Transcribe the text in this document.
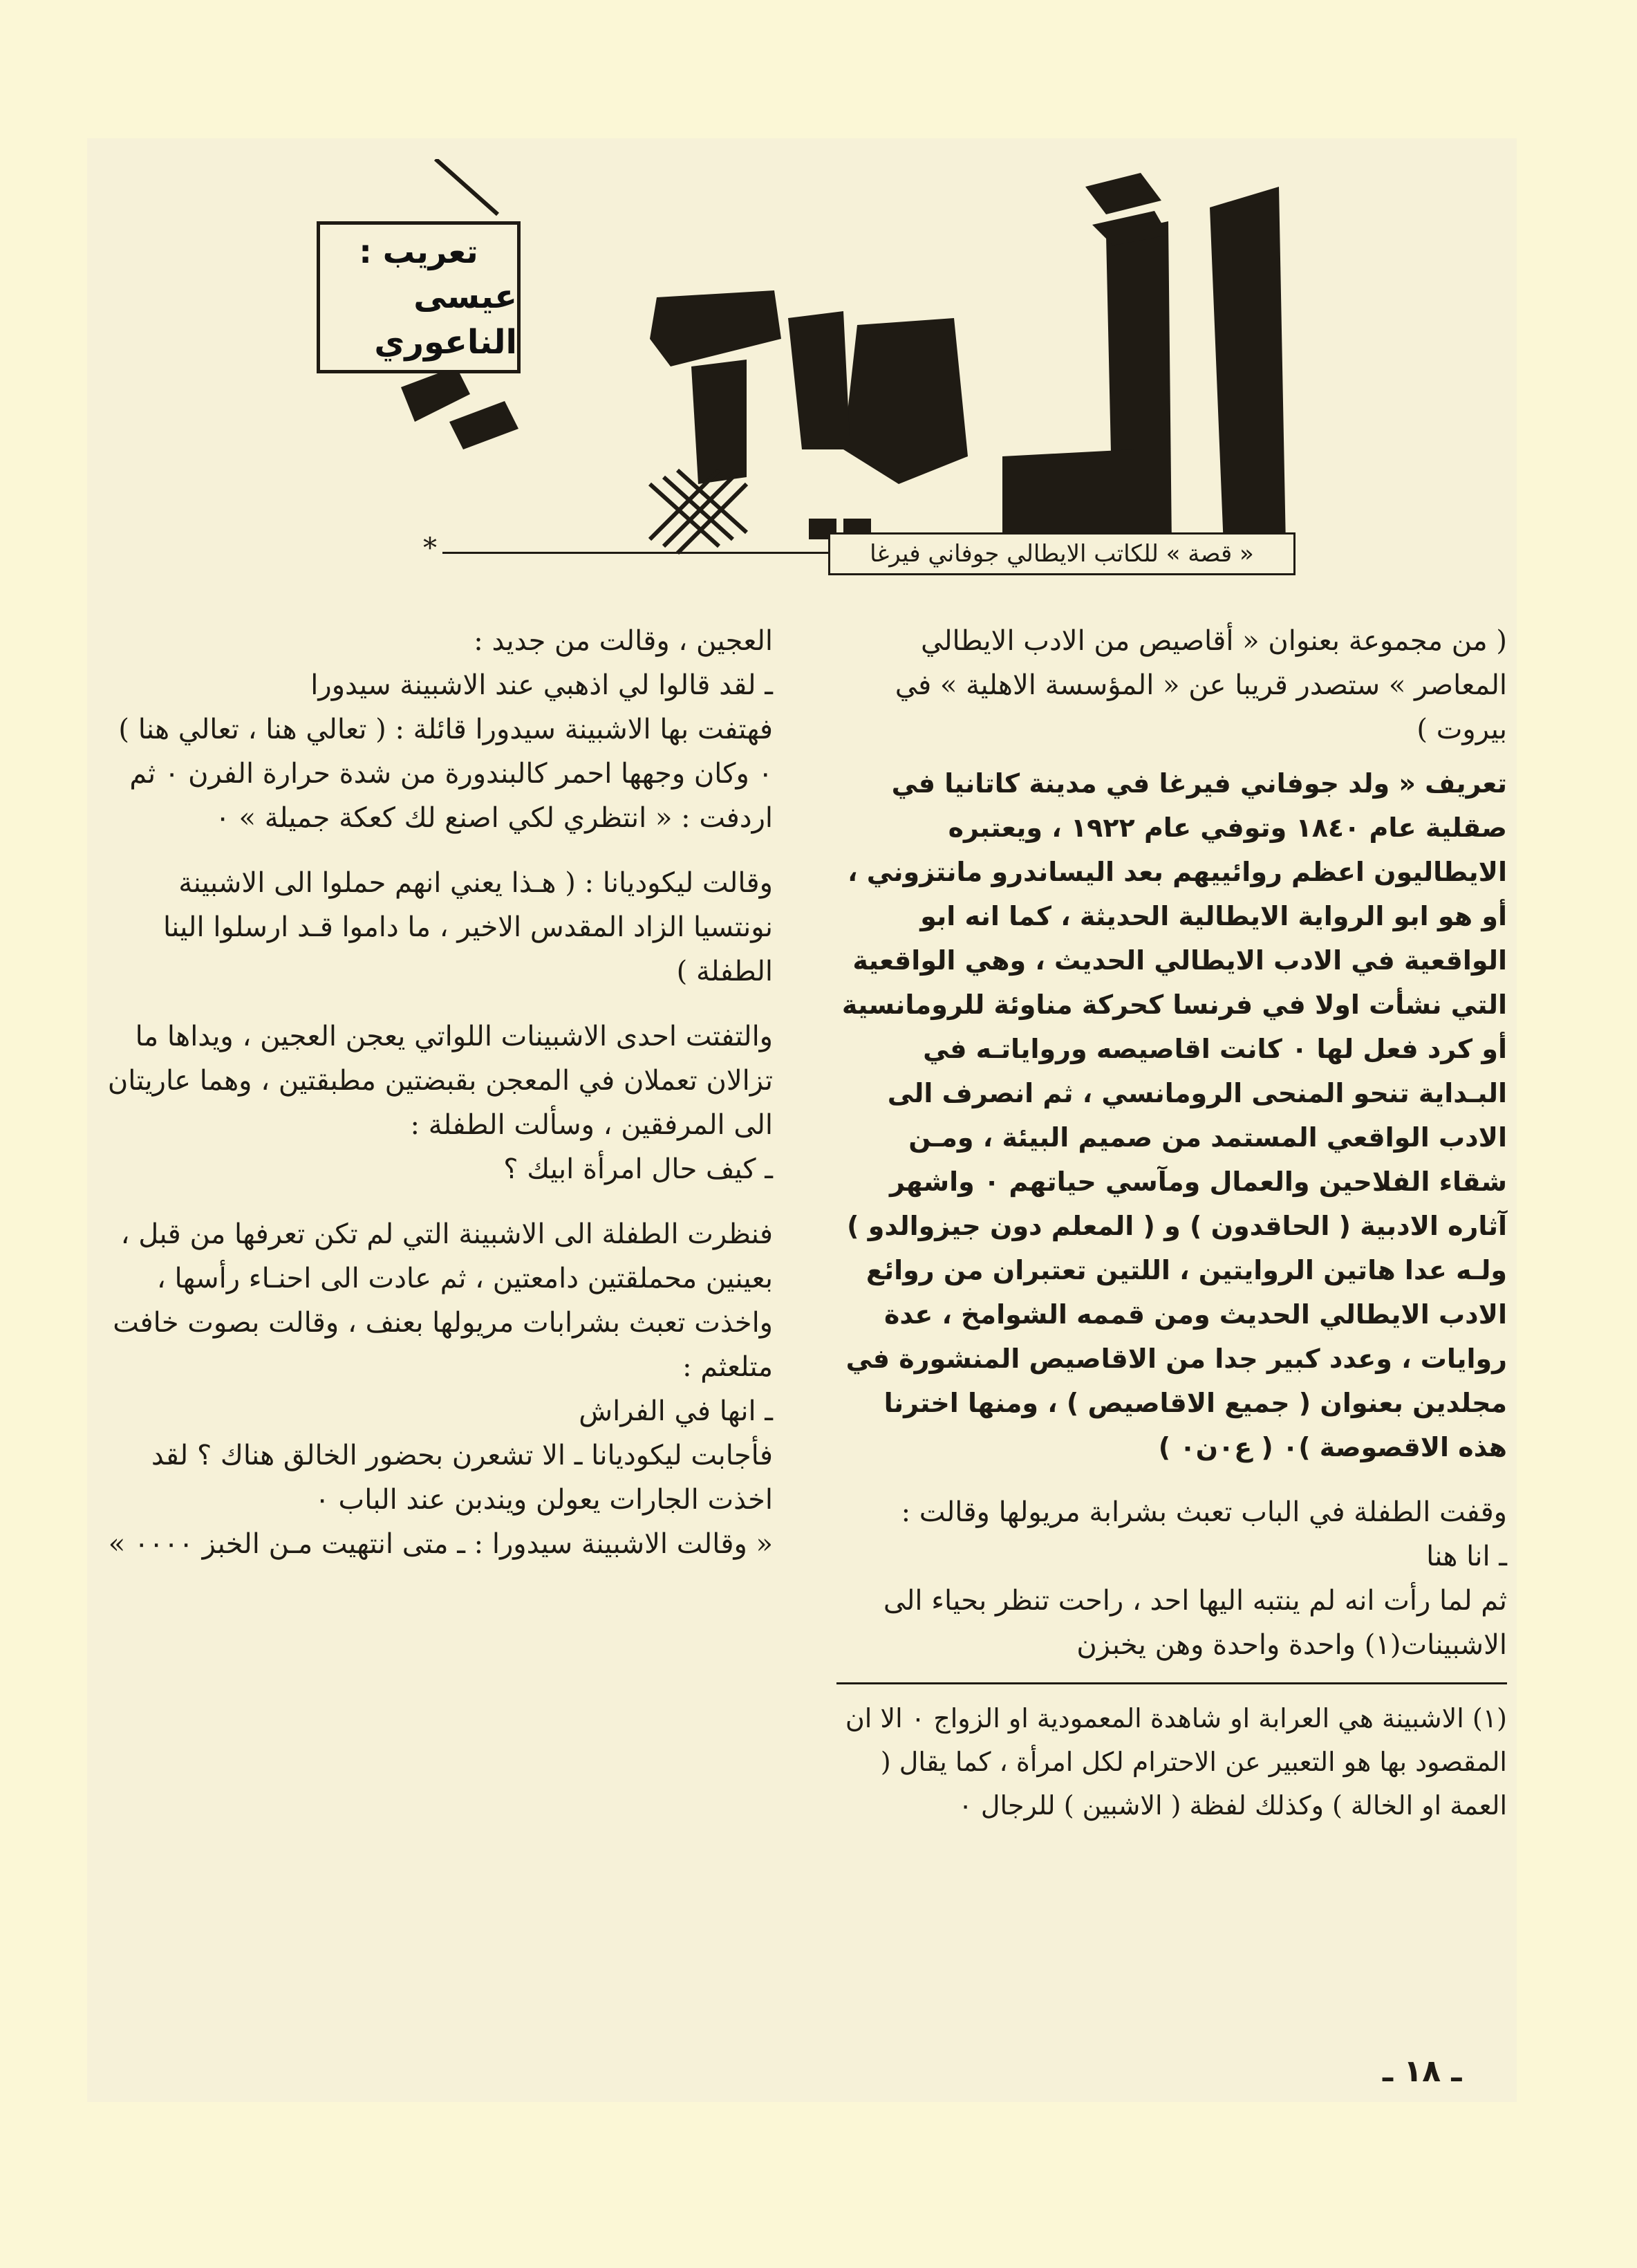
تعريب :
عيسى الناعوري
*	« قصة » للكاتب الايطالي جوفاني فيرغا

( من مجموعة بعنوان « أقاصيص من الادب الايطالي المعاصر » ستصدر قريبا عن « المؤسسة الاهلية » في بيروت )

تعريف « ولد جوفاني فيرغا في مدينة كاتانيا في صقلية عام ١٨٤٠ وتوفي عام ١٩٢٢ ، ويعتبره الايطاليون اعظم روائييهم بعد اليساندرو مانتزوني ، أو هو ابو الرواية الايطالية الحديثة ، كما انه ابو الواقعية في الادب الايطالي الحديث ، وهي الواقعية التي نشأت اولا في فرنسا كحركة مناوئة للرومانسية أو كرد فعل لها ٠ كانت اقاصيصه ورواياتـه في البـداية تنحو المنحى الرومانسي ، ثم انصرف الى الادب الواقعي المستمد من صميم البيئة ، ومـن شقاء الفلاحين والعمال ومآسي حياتهم ٠ واشهر آثاره الادبية ( الحاقدون ) و ( المعلم دون جيزوالدو ) ولـه عدا هاتين الروايتين ، اللتين تعتبران من روائع الادب الايطالي الحديث ومن قممه الشوامخ ، عدة روايات ، وعدد كبير جدا من الاقاصيص المنشورة في مجلدين بعنوان ( جميع الاقاصيص ) ، ومنها اخترنا هذه الاقصوصة )٠ ( ع٠ن٠ )

وقفت الطفلة في الباب تعبث بشرابة مريولها وقالت :

ـ انا هنا

ثم لما رأت انه لم ينتبه اليها احد ، راحت تنظر بحياء الى الاشبينات(١) واحدة واحدة وهن يخبزن

(١) الاشبينة هي العرابة او شاهدة المعمودية او الزواج ٠ الا ان المقصود بها هو التعبير عن الاحترام لكل امرأة ، كما يقال ( العمة او الخالة ) وكذلك لفظة ( الاشبين ) للرجال ٠

العجين ، وقالت من جديد :

ـ لقد قالوا لي اذهبي عند الاشبينة سيدورا

فهتفت بها الاشبينة سيدورا قائلة : ( تعالي هنا ، تعالي هنا ) ٠ وكان وجهها احمر كالبندورة من شدة حرارة الفرن ٠ ثم اردفت : « انتظري لكي اصنع لك كعكة جميلة » ٠

وقالت ليكوديانا : ( هـذا يعني انهم حملوا الى الاشبينة نونتسيا الزاد المقدس الاخير ، ما داموا قـد ارسلوا الينا الطفلة )

والتفتت احدى الاشبينات اللواتي يعجن العجين ، ويداها ما تزالان تعملان في المعجن بقبضتين مطبقتين ، وهما عاريتان الى المرفقين ، وسألت الطفلة :

ـ كيف حال امرأة ابيك ؟

فنظرت الطفلة الى الاشبينة التي لم تكن تعرفها من قبل ، بعينين محملقتين دامعتين ، ثم عادت الى احنـاء رأسها ، واخذت تعبث بشرابات مريولها بعنف ، وقالت بصوت خافت متلعثم :

ـ انها في الفراش

فأجابت ليكوديانا ـ الا تشعرن بحضور الخالق هناك ؟ لقد اخذت الجارات يعولن ويندبن عند الباب ٠

« وقالت الاشبينة سيدورا : ـ متى انتهيت مـن الخبز ٠٠٠٠ »

ـ ١٨ ـ
